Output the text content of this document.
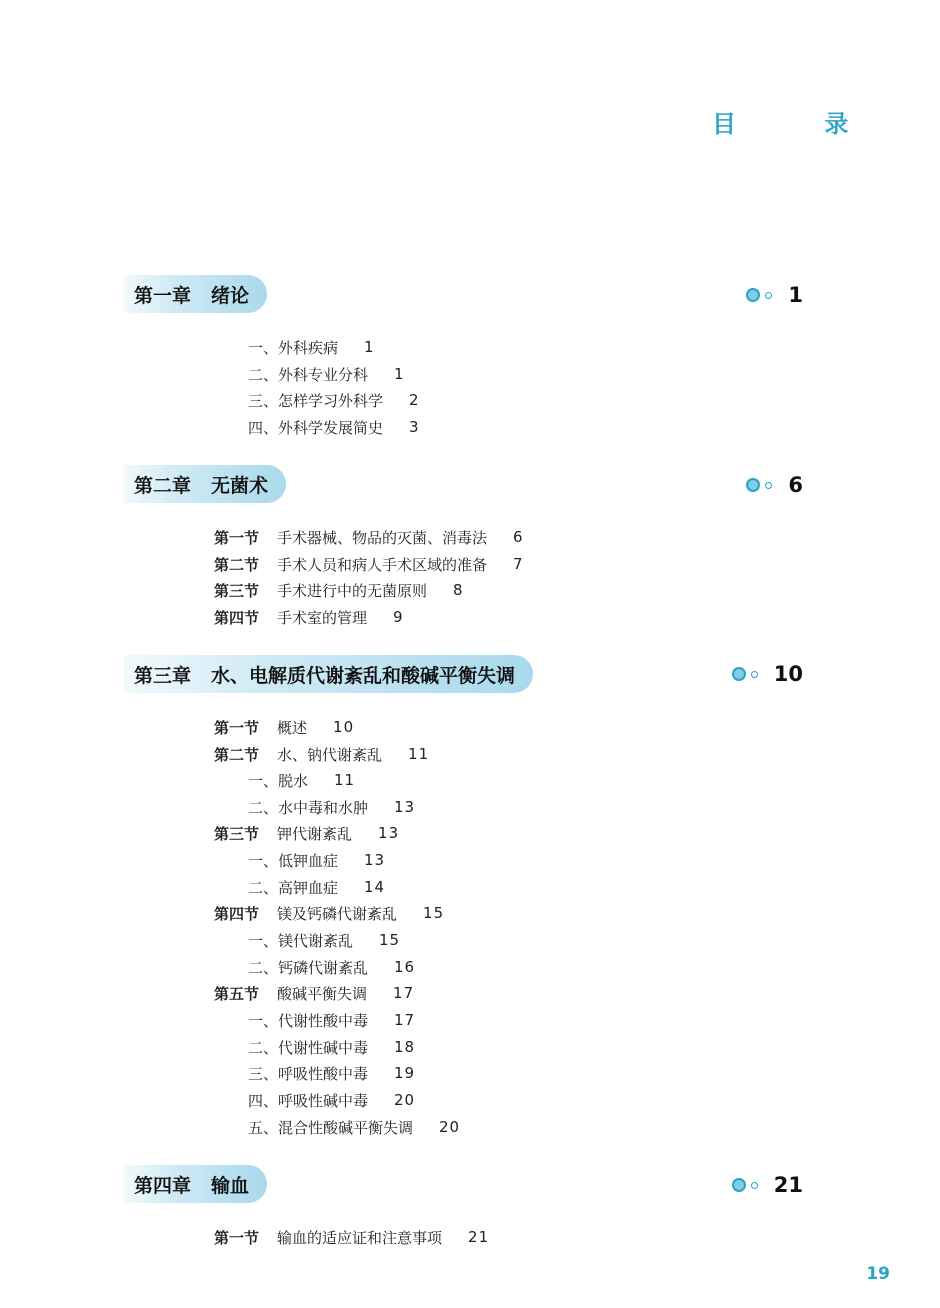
目 录
第一章 绪论	1
一、外科疾病 1
二、外科专业分科 1
三、怎样学习外科学 2
四、外科学发展简史 3
第二章 无菌术	6
第一节 手术器械、物品的灭菌、消毒法 6
第二节 手术人员和病人手术区域的准备 7
第三节 手术进行中的无菌原则 8
第四节 手术室的管理 9
第三章 水、电解质代谢紊乱和酸碱平衡失调	10
第一节 概述 10
第二节 水、钠代谢紊乱 11
一、脱水 11
二、水中毒和水肿 13
第三节 钾代谢紊乱 13
一、低钾血症 13
二、高钾血症 14
第四节 镁及钙磷代谢紊乱 15
一、镁代谢紊乱 15
二、钙磷代谢紊乱 16
第五节 酸碱平衡失调 17
一、代谢性酸中毒 17
二、代谢性碱中毒 18
三、呼吸性酸中毒 19
四、呼吸性碱中毒 20
五、混合性酸碱平衡失调 20
第四章 输血	21
第一节 输血的适应证和注意事项 21
19
